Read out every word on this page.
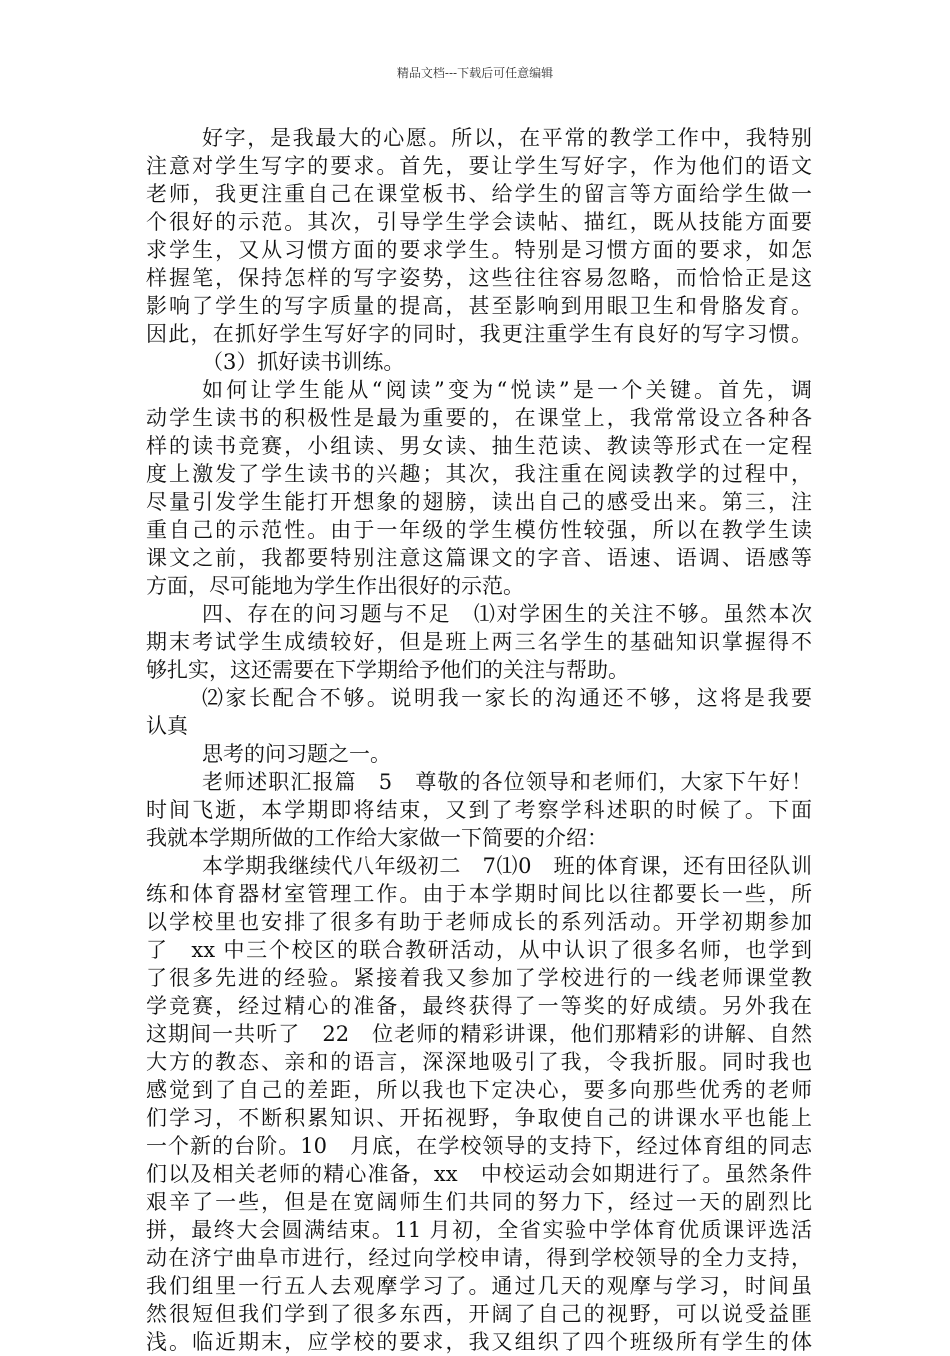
精品文档---下载后可任意编辑
好字，是我最大的心愿。所以，在平常的教学工作中，我特别
注意对学生写字的要求。首先，要让学生写好字，作为他们的语文
老师，我更注重自己在课堂板书、给学生的留言等方面给学生做一
个很好的示范。其次，引导学生学会读帖、描红，既从技能方面要
求学生，又从习惯方面的要求学生。特别是习惯方面的要求，如怎
样握笔，保持怎样的写字姿势，这些往往容易忽略，而恰恰正是这
影响了学生的写字质量的提高，甚至影响到用眼卫生和骨胳发育。
因此，在抓好学生写好字的同时，我更注重学生有良好的写字习惯。
（3）抓好读书训练。
如何让学生能从“阅读”变为“悦读”是一个关键。首先，调
动学生读书的积极性是最为重要的，在课堂上，我常常设立各种各
样的读书竞赛，小组读、男女读、抽生范读、教读等形式在一定程
度上激发了学生读书的兴趣；其次，我注重在阅读教学的过程中，
尽量引发学生能打开想象的翅膀，读出自己的感受出来。第三，注
重自己的示范性。由于一年级的学生模仿性较强，所以在教学生读
课文之前，我都要特别注意这篇课文的字音、语速、语调、语感等
方面，尽可能地为学生作出很好的示范。
四、存在的问习题与不足　⑴对学困生的关注不够。虽然本次
期末考试学生成绩较好，但是班上两三名学生的基础知识掌握得不
够扎实，这还需要在下学期给予他们的关注与帮助。
⑵家长配合不够。说明我一家长的沟通还不够，这将是我要
认真
思考的问习题之一。
老师述职汇报篇　5　尊敬的各位领导和老师们，大家下午好！
时间飞逝，本学期即将结束，又到了考察学科述职的时候了。下面
我就本学期所做的工作给大家做一下简要的介绍：
本学期我继续代八年级初二　7⑴0　班的体育课，还有田径队训
练和体育器材室管理工作。由于本学期时间比以往都要长一些，所
以学校里也安排了很多有助于老师成长的系列活动。开学初期参加
了　xx 中三个校区的联合教研活动，从中认识了很多名师，也学到
了很多先进的经验。紧接着我又参加了学校进行的一线老师课堂教
学竞赛，经过精心的准备，最终获得了一等奖的好成绩。另外我在
这期间一共听了　22　位老师的精彩讲课，他们那精彩的讲解、自然
大方的教态、亲和的语言，深深地吸引了我，令我折服。同时我也
感觉到了自己的差距，所以我也下定决心，要多向那些优秀的老师
们学习，不断积累知识、开拓视野，争取使自己的讲课水平也能上
一个新的台阶。10　月底，在学校领导的支持下，经过体育组的同志
们以及相关老师的精心准备，xx　中校运动会如期进行了。虽然条件
艰辛了一些，但是在宽阔师生们共同的努力下，经过一天的剧烈比
拼，最终大会圆满结束。11 月初，全省实验中学体育优质课评选活
动在济宁曲阜市进行，经过向学校申请，得到学校领导的全力支持，
我们组里一行五人去观摩学习了。通过几天的观摩与学习，时间虽
然很短但我们学到了很多东西，开阔了自己的视野，可以说受益匪
浅。临近期末，应学校的要求，我又组织了四个班级所有学生的体
